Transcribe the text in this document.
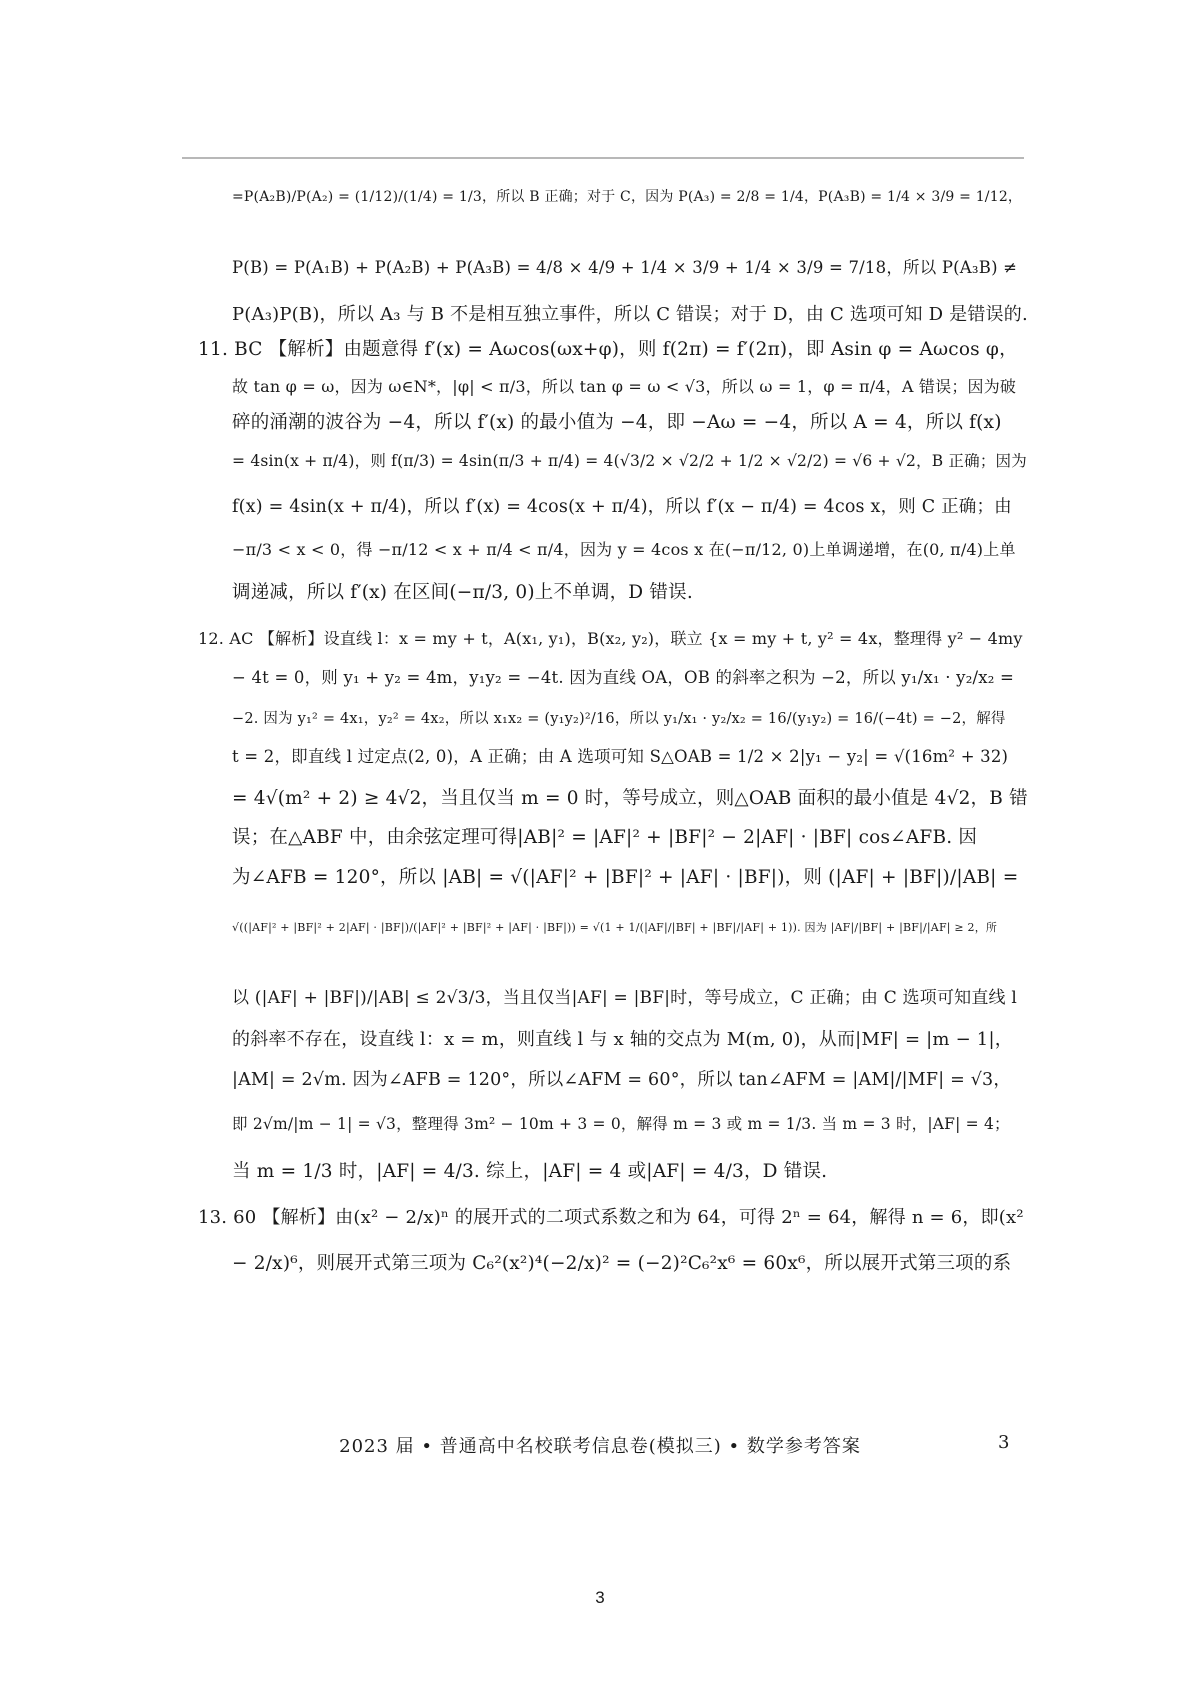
=P(A₂B)/P(A₂) = (1/12)/(1/4) = 1/3，所以 B 正确；对于 C，因为 P(A₃) = 2/8 = 1/4，P(A₃B) = 1/4 × 3/9 = 1/12，
P(B) = P(A₁B) + P(A₂B) + P(A₃B) = 4/8 × 4/9 + 1/4 × 3/9 + 1/4 × 3/9 = 7/18，所以 P(A₃B) ≠
P(A₃)P(B)，所以 A₃ 与 B 不是相互独立事件，所以 C 错误；对于 D，由 C 选项可知 D 是错误的.
11. BC 【解析】由题意得 f′(x) = Aωcos(ωx+φ)，则 f(2π) = f′(2π)，即 Asin φ = Aωcos φ，
故 tan φ = ω，因为 ω∈N*，|φ| < π/3，所以 tan φ = ω < √3，所以 ω = 1，φ = π/4，A 错误；因为破
碎的涌潮的波谷为 −4，所以 f′(x) 的最小值为 −4，即 −Aω = −4，所以 A = 4，所以 f(x)
= 4sin(x + π/4)，则 f(π/3) = 4sin(π/3 + π/4) = 4(√3/2 × √2/2 + 1/2 × √2/2) = √6 + √2，B 正确；因为
f(x) = 4sin(x + π/4)，所以 f′(x) = 4cos(x + π/4)，所以 f′(x − π/4) = 4cos x，则 C 正确；由
−π/3 < x < 0，得 −π/12 < x + π/4 < π/4，因为 y = 4cos x 在(−π/12, 0)上单调递增，在(0, π/4)上单
调递减，所以 f′(x) 在区间(−π/3, 0)上不单调，D 错误.
12. AC 【解析】设直线 l：x = my + t，A(x₁, y₁)，B(x₂, y₂)，联立 {x = my + t, y² = 4x，整理得 y² − 4my
− 4t = 0，则 y₁ + y₂ = 4m，y₁y₂ = −4t. 因为直线 OA，OB 的斜率之积为 −2，所以 y₁/x₁ · y₂/x₂ =
−2. 因为 y₁² = 4x₁，y₂² = 4x₂，所以 x₁x₂ = (y₁y₂)²/16，所以 y₁/x₁ · y₂/x₂ = 16/(y₁y₂) = 16/(−4t) = −2，解得
t = 2，即直线 l 过定点(2, 0)，A 正确；由 A 选项可知 S△OAB = 1/2 × 2|y₁ − y₂| = √(16m² + 32)
= 4√(m² + 2) ≥ 4√2，当且仅当 m = 0 时，等号成立，则△OAB 面积的最小值是 4√2，B 错
误；在△ABF 中，由余弦定理可得|AB|² = |AF|² + |BF|² − 2|AF| · |BF| cos∠AFB. 因
为∠AFB = 120°，所以 |AB| = √(|AF|² + |BF|² + |AF| · |BF|)，则 (|AF| + |BF|)/|AB| =
√((|AF|² + |BF|² + 2|AF| · |BF|)/(|AF|² + |BF|² + |AF| · |BF|)) = √(1 + 1/(|AF|/|BF| + |BF|/|AF| + 1)). 因为 |AF|/|BF| + |BF|/|AF| ≥ 2，所
以 (|AF| + |BF|)/|AB| ≤ 2√3/3，当且仅当|AF| = |BF|时，等号成立，C 正确；由 C 选项可知直线 l
的斜率不存在，设直线 l：x = m，则直线 l 与 x 轴的交点为 M(m, 0)，从而|MF| = |m − 1|，
|AM| = 2√m. 因为∠AFB = 120°，所以∠AFM = 60°，所以 tan∠AFM = |AM|/|MF| = √3，
即 2√m/|m − 1| = √3，整理得 3m² − 10m + 3 = 0，解得 m = 3 或 m = 1/3. 当 m = 3 时，|AF| = 4；
当 m = 1/3 时，|AF| = 4/3. 综上，|AF| = 4 或|AF| = 4/3，D 错误.
13. 60 【解析】由(x² − 2/x)ⁿ 的展开式的二项式系数之和为 64，可得 2ⁿ = 64，解得 n = 6，即(x²
− 2/x)⁶，则展开式第三项为 C₆²(x²)⁴(−2/x)² = (−2)²C₆²x⁶ = 60x⁶，所以展开式第三项的系
2023 届 • 普通高中名校联考信息卷(模拟三) • 数学参考答案	3
3
